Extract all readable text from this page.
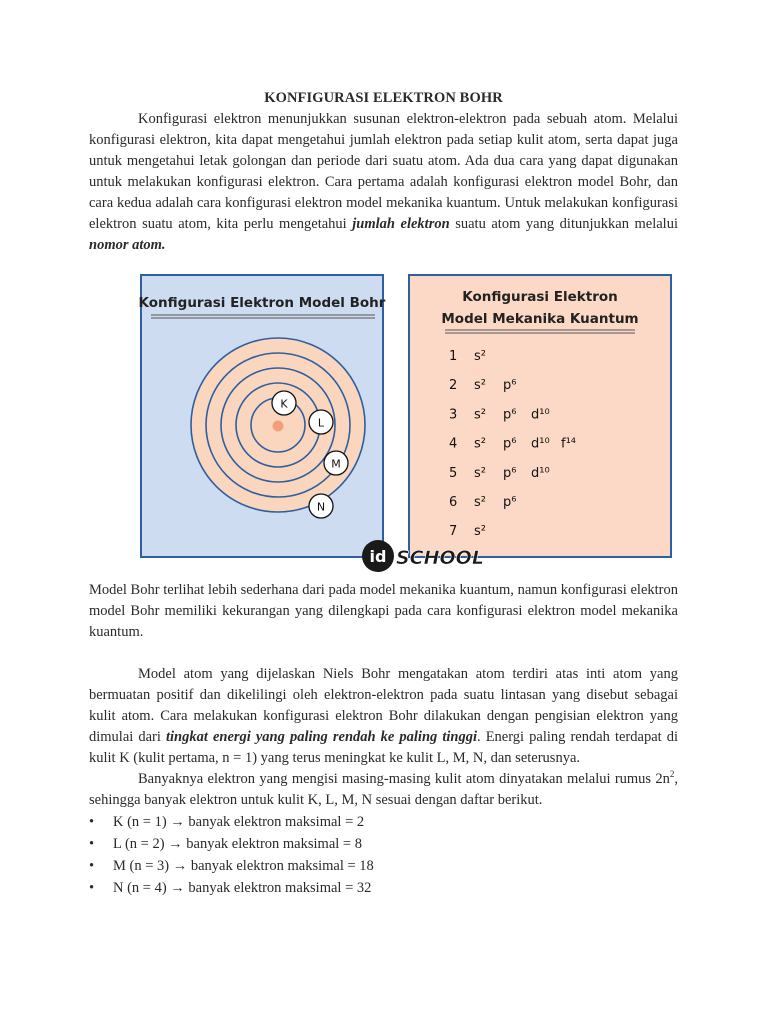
KONFIGURASI ELEKTRON BOHR

Konfigurasi elektron menunjukkan susunan elektron-elektron pada sebuah atom. Melalui konfigurasi elektron, kita dapat mengetahui jumlah elektron pada setiap kulit atom, serta dapat juga untuk mengetahui letak golongan dan periode dari suatu atom. Ada dua cara yang dapat digunakan untuk melakukan konfigurasi elektron. Cara pertama adalah konfigurasi elektron model Bohr, dan cara kedua adalah cara konfigurasi elektron model mekanika kuantum. Untuk melakukan konfigurasi elektron suatu atom, kita perlu mengetahui jumlah elektron suatu atom yang ditunjukkan melalui nomor atom.

Konfigurasi Elektron Model Bohr
K
L
M
N
Konfigurasi Elektron
Model Mekanika Kuantum
1 s²
2 s² p⁶
3 s² p⁶ d¹⁰
4 s² p⁶ d¹⁰ f¹⁴
5 s² p⁶ d¹⁰
6 s² p⁶
7 s²
id SCHOOL

Model Bohr terlihat lebih sederhana dari pada model mekanika kuantum, namun konfigurasi elektron model Bohr memiliki kekurangan yang dilengkapi pada cara konfigurasi elektron model mekanika kuantum.

Model atom yang dijelaskan Niels Bohr mengatakan atom terdiri atas inti atom yang bermuatan positif dan dikelilingi oleh elektron-elektron pada suatu lintasan yang disebut sebagai kulit atom. Cara melakukan konfigurasi elektron Bohr dilakukan dengan pengisian elektron yang dimulai dari tingkat energi yang paling rendah ke paling tinggi. Energi paling rendah terdapat di kulit K (kulit pertama, n = 1) yang terus meningkat ke kulit L, M, N, dan seterusnya.

Banyaknya elektron yang mengisi masing-masing kulit atom dinyatakan melalui rumus $2n^2$, sehingga banyak elektron untuk kulit K, L, M, N sesuai dengan daftar berikut.

• K (n = 1) → banyak elektron maksimal = 2
• L (n = 2) → banyak elektron maksimal = 8
• M (n = 3) → banyak elektron maksimal = 18
• N (n = 4) → banyak elektron maksimal = 32
